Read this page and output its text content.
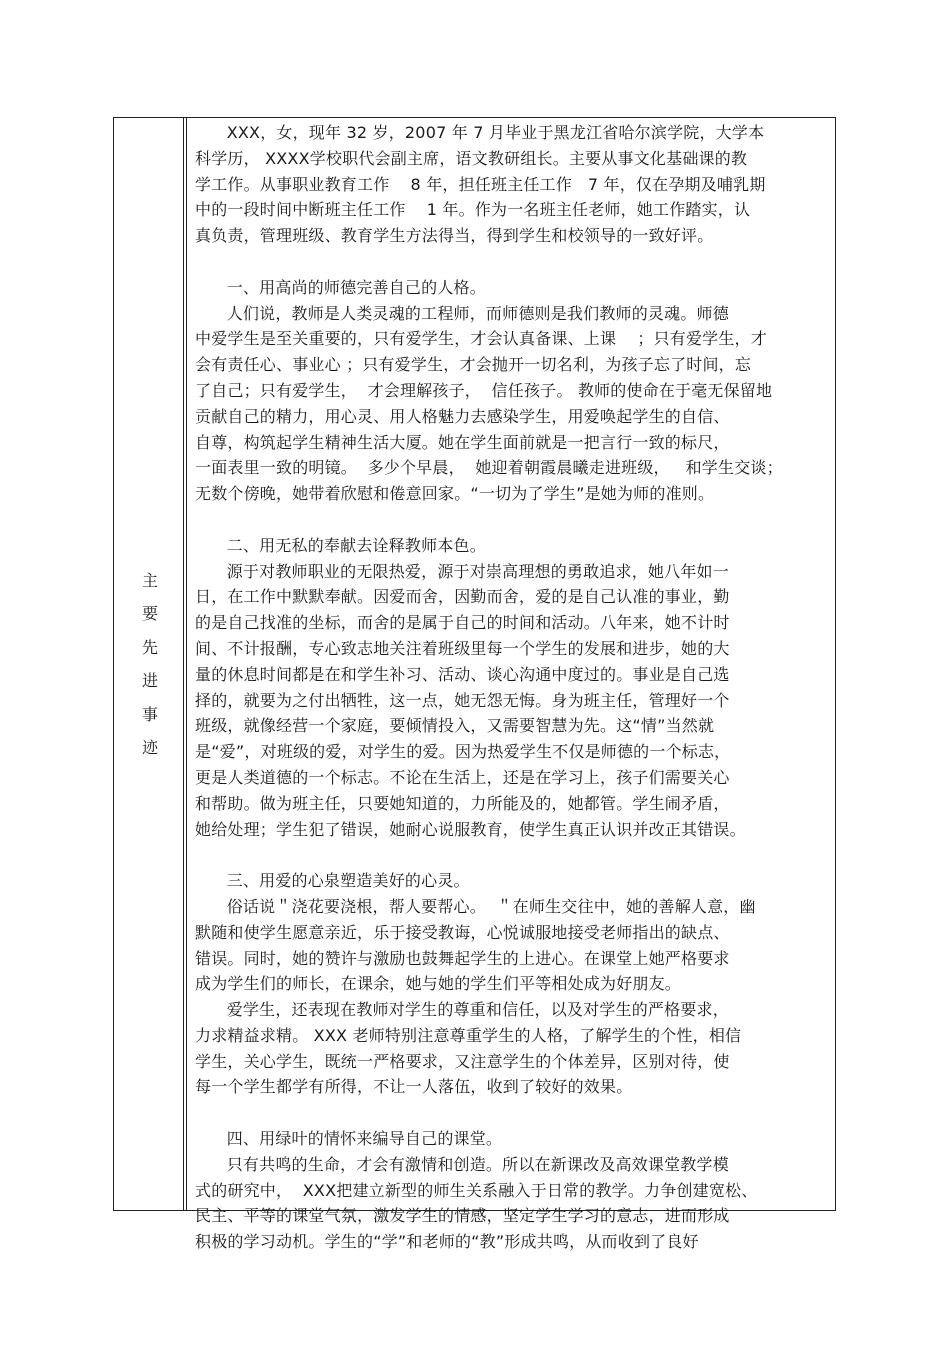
主
要
先
进
事
迹
XXX，女，现年 32 岁，2007 年 7 月毕业于黑龙江省哈尔滨学院，大学本
科学历， XXXX学校职代会副主席，语文教研组长。主要从事文化基础课的教
学工作。从事职业教育工作    8 年，担任班主任工作   7 年，仅在孕期及哺乳期
中的一段时间中断班主任工作    1 年。作为一名班主任老师，她工作踏实，认
真负责，管理班级、教育学生方法得当，得到学生和校领导的一致好评。
一、用高尚的师德完善自己的人格。
人们说，教师是人类灵魂的工程师，而师德则是我们教师的灵魂。师德
中爱学生是至关重要的，只有爱学生，才会认真备课、上课    ；只有爱学生，才
会有责任心、事业心 ；只有爱学生，才会抛开一切名利，为孩子忘了时间，忘
了自己；只有爱学生，  才会理解孩子，  信任孩子。 教师的使命在于毫无保留地
贡献自己的精力，用心灵、用人格魅力去感染学生，用爱唤起学生的自信、
自尊，构筑起学生精神生活大厦。她在学生面前就是一把言行一致的标尺，
一面表里一致的明镜。  多少个早晨，  她迎着朝霞晨曦走进班级，   和学生交谈；
无数个傍晚，她带着欣慰和倦意回家。“一切为了学生”是她为师的准则。
二、用无私的奉献去诠释教师本色。
源于对教师职业的无限热爱，源于对崇高理想的勇敢追求，她八年如一
日，在工作中默默奉献。因爱而舍，因勤而舍，爱的是自己认准的事业，勤
的是自己找准的坐标，而舍的是属于自己的时间和活动。八年来，她不计时
间、不计报酬，专心致志地关注着班级里每一个学生的发展和进步，她的大
量的休息时间都是在和学生补习、活动、谈心沟通中度过的。事业是自己选
择的，就要为之付出牺牲，这一点，她无怨无悔。身为班主任，管理好一个
班级，就像经营一个家庭，要倾情投入，又需要智慧为先。这“情”当然就
是“爱”，对班级的爱，对学生的爱。因为热爱学生不仅是师德的一个标志，
更是人类道德的一个标志。不论在生活上，还是在学习上，孩子们需要关心
和帮助。做为班主任，只要她知道的，力所能及的，她都管。学生闹矛盾，
她给处理；学生犯了错误，她耐心说服教育，使学生真正认识并改正其错误。
三、用爱的心泉塑造美好的心灵。
俗话说＂浇花要浇根，帮人要帮心。  ＂在师生交往中，她的善解人意，幽
默随和使学生愿意亲近，乐于接受教诲，心悦诚服地接受老师指出的缺点、
错误。同时，她的赞许与激励也鼓舞起学生的上进心。在课堂上她严格要求
成为学生们的师长，在课余，她与她的学生们平等相处成为好朋友。
爱学生，还表现在教师对学生的尊重和信任，以及对学生的严格要求，
力求精益求精。 XXX 老师特别注意尊重学生的人格，了解学生的个性，相信
学生，关心学生，既统一严格要求，又注意学生的个体差异，区别对待，使
每一个学生都学有所得，不让一人落伍，收到了较好的效果。
四、用绿叶的情怀来编导自己的课堂。
只有共鸣的生命，才会有激情和创造。所以在新课改及高效课堂教学模
式的研究中，  XXX把建立新型的师生关系融入于日常的教学。力争创建宽松、
民主、平等的课堂气氛，激发学生的情感，坚定学生学习的意志，进而形成
积极的学习动机。学生的“学”和老师的“教”形成共鸣，从而收到了良好
